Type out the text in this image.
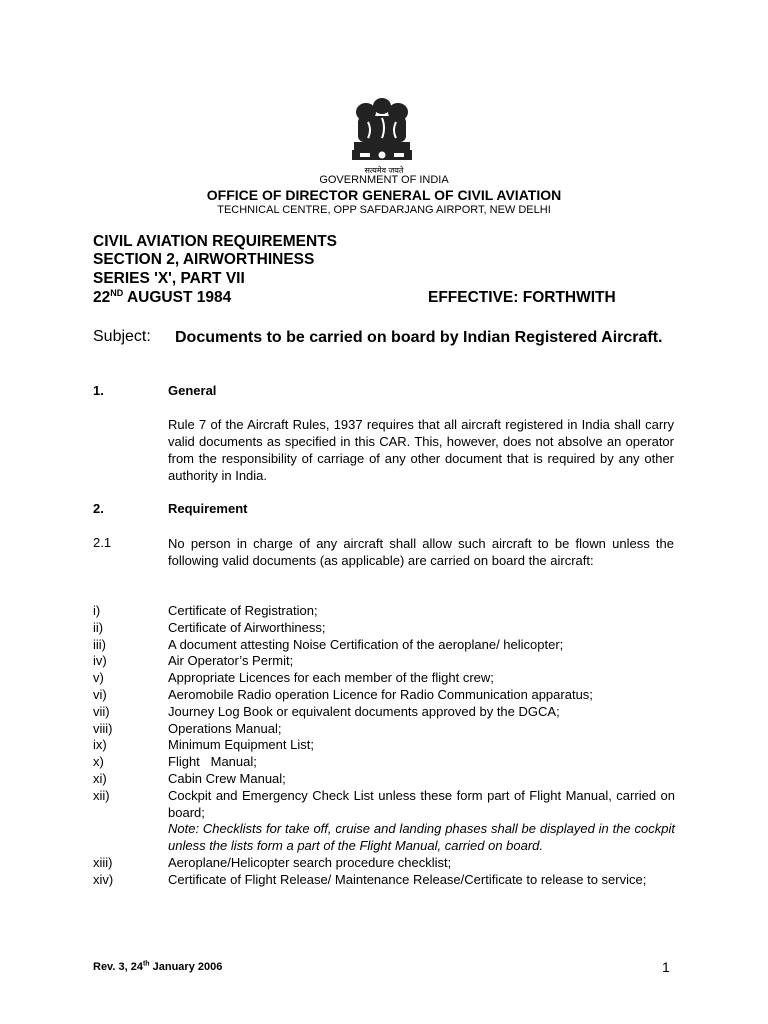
सत्यमेव जयते
GOVERNMENT OF INDIA
OFFICE OF DIRECTOR GENERAL OF CIVIL AVIATION
TECHNICAL CENTRE, OPP SAFDARJANG AIRPORT, NEW DELHI
CIVIL AVIATION REQUIREMENTS
SECTION 2, AIRWORTHINESS
SERIES 'X', PART VII
22ND AUGUST 1984	EFFECTIVE: FORTHWITH
Subject: Documents to be carried on board by Indian Registered Aircraft.
1.	General
Rule 7 of the Aircraft Rules, 1937 requires that all aircraft registered in India shall carry valid documents as specified in this CAR. This, however, does not absolve an operator from the responsibility of carriage of any other document that is required by any other authority in India.
2.	Requirement
2.1	No person in charge of any aircraft shall allow such aircraft to be flown unless the following valid documents (as applicable) are carried on board the aircraft:
i)	Certificate of Registration;
ii)	Certificate of Airworthiness;
iii)	A document attesting Noise Certification of the aeroplane/ helicopter;
iv)	Air Operator’s Permit;
v)	Appropriate Licences for each member of the flight crew;
vi)	Aeromobile Radio operation Licence for Radio Communication apparatus;
vii)	Journey Log Book or equivalent documents approved by the DGCA;
viii)	Operations Manual;
ix)	Minimum Equipment List;
x)	Flight   Manual;
xi)	Cabin Crew Manual;
xii)	Cockpit and Emergency Check List unless these form part of Flight Manual, carried on board;
Note: Checklists for take off, cruise and landing phases shall be displayed in the cockpit unless the lists form a part of the Flight Manual, carried on board.
xiii)	Aeroplane/Helicopter search procedure checklist;
xiv)	Certificate of Flight Release/ Maintenance Release/Certificate to release to service;
Rev. 3, 24th January 2006	1
